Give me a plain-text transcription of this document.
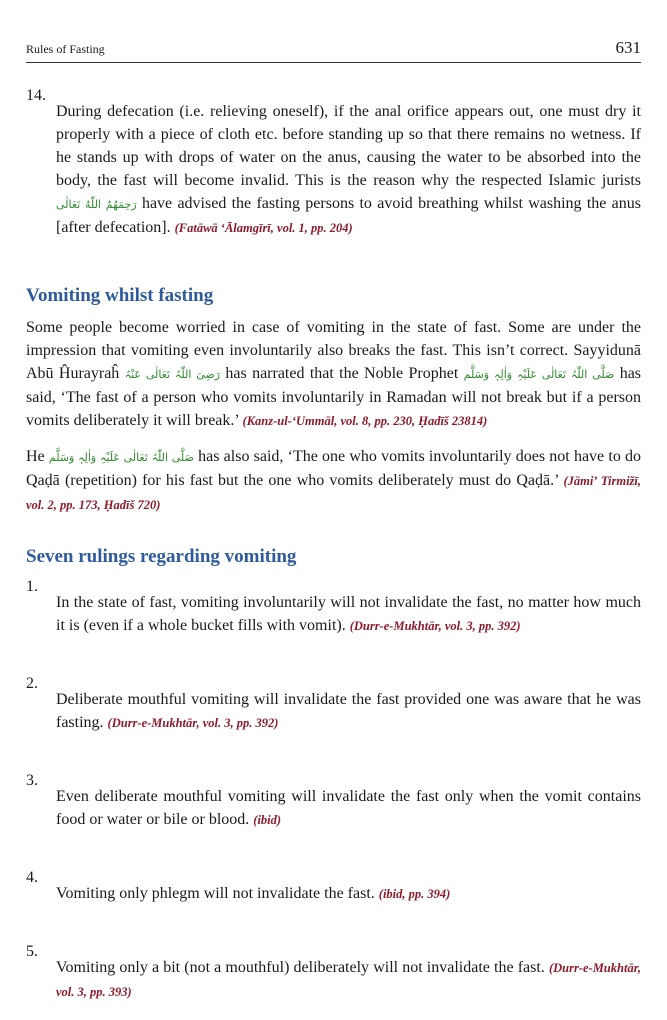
Rules of Fasting	631
14.

During defecation (i.e. relieving oneself), if the anal orifice appears out, one must dry it properly with a piece of cloth etc. before standing up so that there remains no wetness. If he stands up with drops of water on the anus, causing the water to be absorbed into the body, the fast will become invalid. This is the reason why the respected Islamic jurists رَحِمَهُمُ اللّٰهُ تَعَالٰی have advised the fasting persons to avoid breathing whilst washing the anus [after defecation]. (Fatāwā ‘Ālamgīrī, vol. 1, pp. 204)

Vomiting whilst fasting

Some people become worried in case of vomiting in the state of fast. Some are under the impression that vomiting even involuntarily also breaks the fast. This isn’t correct. Sayyidunā Abū Ĥurayraĥ رَضِیَ اللّٰہُ تَعَالٰی عَنْہُ has narrated that the Noble Prophet صَلَّی اللّٰہُ تَعَالٰی عَلَیْہِ وَاٰلِہٖ وَسَلَّم has said, ‘The fast of a person who vomits involuntarily in Ramadan will not break but if a person vomits deliberately it will break.’ (Kanz-ul-‘Ummāl, vol. 8, pp. 230, Ḥadīš 23814)

He صَلَّی اللّٰہُ تَعَالٰی عَلَیْہِ وَاٰلِہٖ وَسَلَّم has also said, ‘The one who vomits involuntarily does not have to do Qaḍā (repetition) for his fast but the one who vomits deliberately must do Qaḍā.’ (Jāmi’ Tirmižī, vol. 2, pp. 173, Ḥadīš 720)

Seven rulings regarding vomiting
1.

In the state of fast, vomiting involuntarily will not invalidate the fast, no matter how much it is (even if a whole bucket fills with vomit). (Durr-e-Mukhtār, vol. 3, pp. 392)

2.

Deliberate mouthful vomiting will invalidate the fast provided one was aware that he was fasting. (Durr-e-Mukhtār, vol. 3, pp. 392)

3.

Even deliberate mouthful vomiting will invalidate the fast only when the vomit contains food or water or bile or blood. (ibid)

4.

Vomiting only phlegm will not invalidate the fast. (ibid, pp. 394)

5.

Vomiting only a bit (not a mouthful) deliberately will not invalidate the fast. (Durr-e-Mukhtār, vol. 3, pp. 393)
